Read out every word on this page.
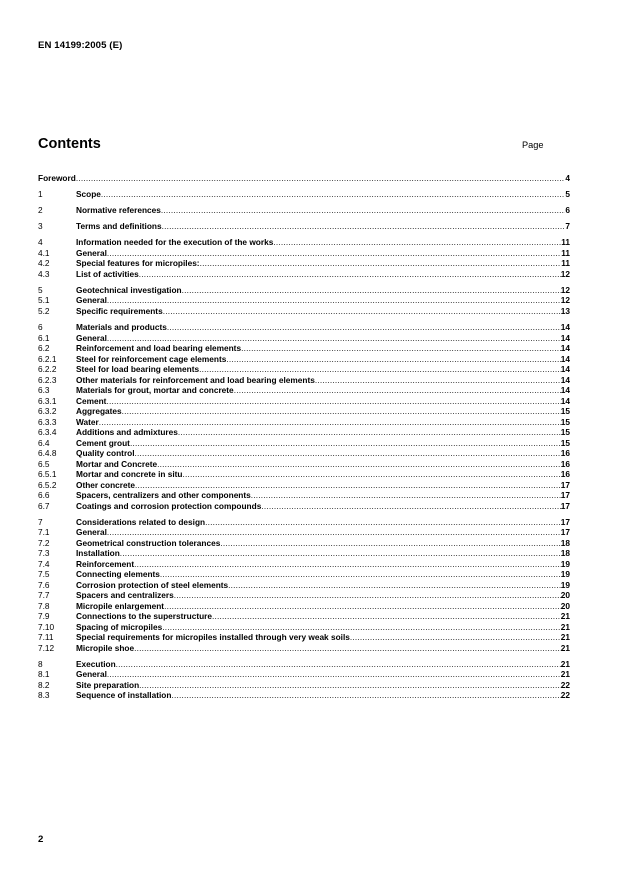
EN 14199:2005 (E)
Contents	Page
Foreword .....	4
1	Scope .....	5
2	Normative references .....	6
3	Terms and definitions .....	7
4	Information needed for the execution of the works .....	11
4.1	General .....	11
4.2	Special features for micropiles: .....	11
4.3	List of activities .....	12
5	Geotechnical investigation .....	12
5.1	General .....	12
5.2	Specific requirements .....	13
6	Materials and products .....	14
6.1	General .....	14
6.2	Reinforcement and load bearing elements .....	14
6.2.1 Steel for reinforcement cage elements .....	14
6.2.2 Steel for load bearing elements .....	14
6.2.3 Other materials for reinforcement and load bearing elements .....	14
6.3	Materials for grout, mortar and concrete .....	14
6.3.1 Cement .....	14
6.3.2 Aggregates .....	15
6.3.3 Water .....	15
6.3.4 Additions and admixtures .....	15
6.4	Cement grout .....	15
6.4.8 Quality control .....	16
6.5	Mortar and Concrete .....	16
6.5.1 Mortar and concrete in situ .....	16
6.5.2 Other concrete .....	17
6.6	Spacers, centralizers and other components .....	17
6.7	Coatings and corrosion protection compounds .....	17
7	Considerations related to design .....	17
7.1	General .....	17
7.2	Geometrical construction tolerances .....	18
7.3	Installation .....	18
7.4	Reinforcement .....	19
7.5	Connecting elements .....	19
7.6	Corrosion protection of steel elements .....	19
7.7	Spacers and centralizers .....	20
7.8	Micropile enlargement .....	20
7.9	Connections to the superstructure .....	21
7.10	Spacing of micropiles .....	21
7.11	Special requirements for micropiles installed through very weak soils .....	21
7.12	Micropile shoe .....	21
8	Execution .....	21
8.1	General .....	21
8.2	Site preparation .....	22
8.3	Sequence of installation .....	22
2
